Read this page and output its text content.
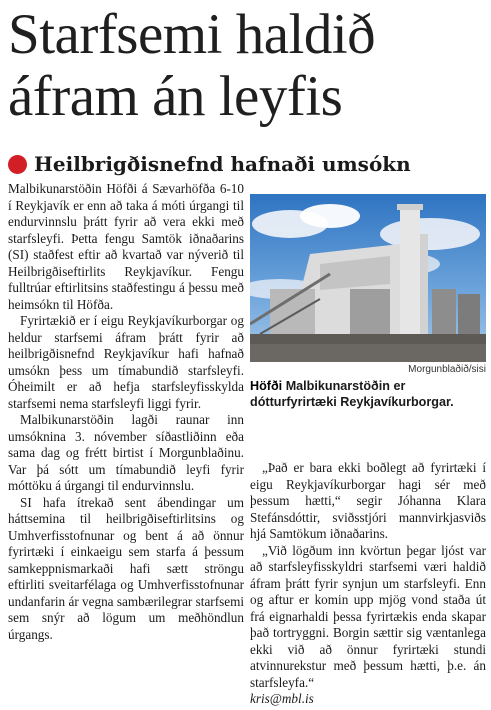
Starfsemi haldið
áfram án leyfis
Heilbrigðisnefnd hafnaði umsókn

Malbikunarstöðin Höfði á Sævarhöfða 6-10 í Reykjavík er enn að taka á móti úrgangi til endurvinnslu þrátt fyrir að vera ekki með starfsleyfi. Þetta fengu Samtök iðnaðarins (SI) staðfest eftir að kvartað var nýverið til Heilbrigðiseftirlits Reykjavíkur. Fengu fulltrúar eftirlitsins staðfestingu á þessu með heimsókn til Höfða.

Fyrirtækið er í eigu Reykjavíkurborgar og heldur starfsemi áfram þrátt fyrir að heilbrigðisnefnd Reykjavíkur hafi hafnað umsókn þess um tímabundið starfsleyfi. Óheimilt er að hefja starfsleyfisskylda starfsemi nema starfsleyfi liggi fyrir.

Malbikunarstöðin lagði raunar inn umsóknina 3. nóvember síðastliðinn eða sama dag og frétt birtist í Morgunblaðinu. Var þá sótt um tímabundið leyfi fyrir móttöku á úrgangi til endurvinnslu.

SI hafa ítrekað sent ábendingar um háttsemina til heilbrigðiseftirlitsins og Umhverfisstofnunar og bent á að önnur fyrirtæki í einkaeigu sem starfa á þessum samkeppnismarkaði hafi sætt ströngu eftirliti sveitarfélaga og Umhverfisstofnunar undanfarin ár vegna sambærilegrar starfsemi sem snýr að lögum um meðhöndlun úrgangs.

Morgunblaðið/sisi
Höfði Malbikunarstöðin er dótturfyrirtæki Reykjavíkurborgar.

„Það er bara ekki boðlegt að fyrirtæki í eigu Reykjavíkurborgar hagi sér með þessum hætti,“ segir Jóhanna Klara Stefánsdóttir, sviðsstjóri mannvirkjasviðs hjá Samtökum iðnaðarins.

„Við lögðum inn kvörtun þegar ljóst var að starfsleyfisskyldri starfsemi væri haldið áfram þrátt fyrir synjun um starfsleyfi. Enn og aftur er komin upp mjög vond staða út frá eignarhaldi þessa fyrirtækis enda skapar það tortryggni. Borgin sættir sig væntanlega ekki við að önnur fyrirtæki stundi atvinnurekstur með þessum hætti, þ.e. án starfsleyfa.“

kris@mbl.is
